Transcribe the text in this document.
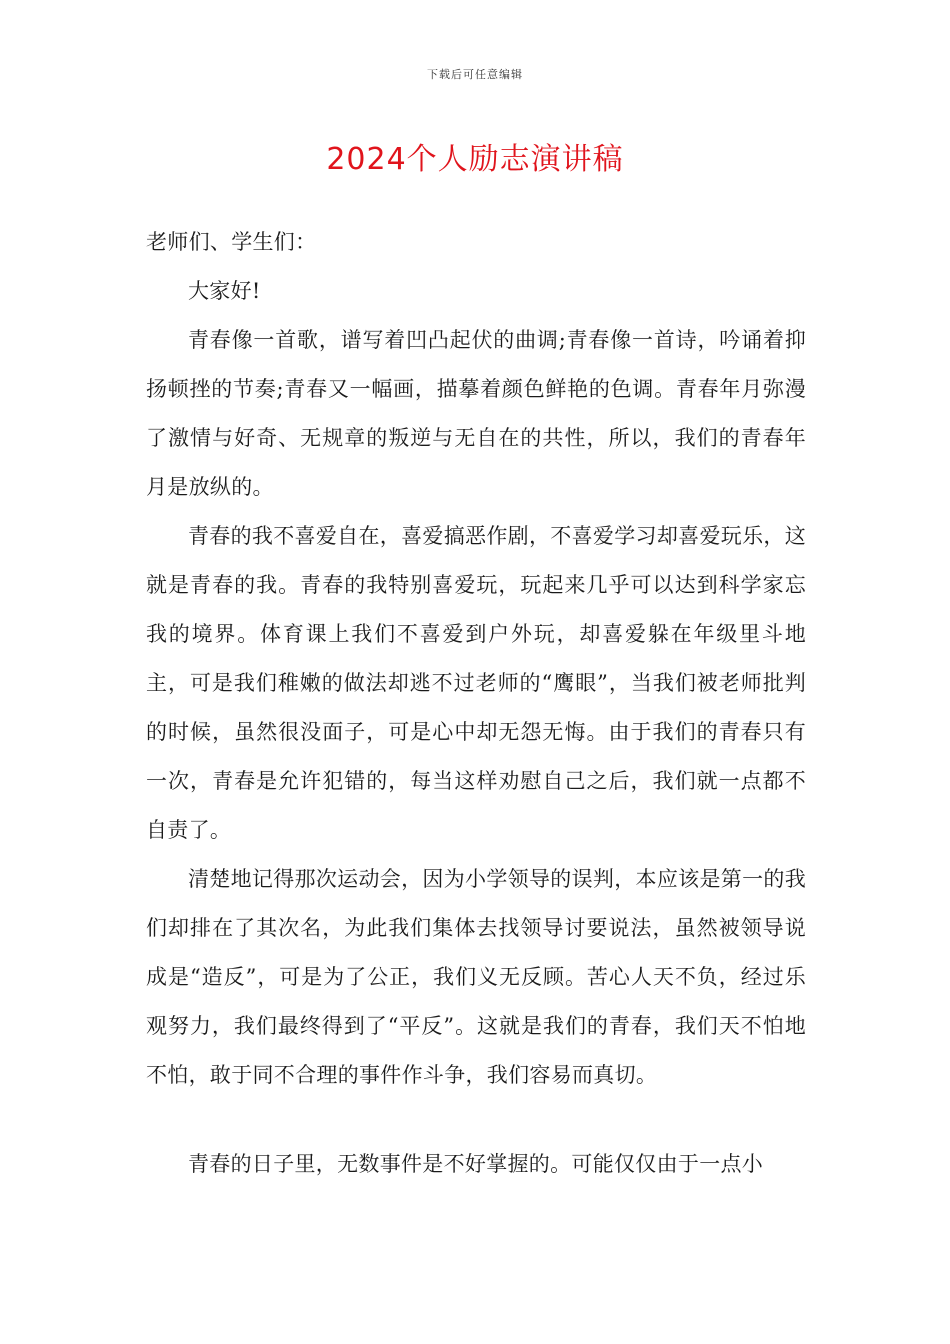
下载后可任意编辑
2024个人励志演讲稿

老师们、学生们：

大家好!

青春像一首歌，谱写着凹凸起伏的曲调;青春像一首诗，吟诵着抑扬顿挫的节奏;青春又一幅画，描摹着颜色鲜艳的色调。青春年月弥漫了激情与好奇、无规章的叛逆与无自在的共性，所以，我们的青春年月是放纵的。

青春的我不喜爱自在，喜爱搞恶作剧，不喜爱学习却喜爱玩乐，这就是青春的我。青春的我特别喜爱玩，玩起来几乎可以达到科学家忘我的境界。体育课上我们不喜爱到户外玩，却喜爱躲在年级里斗地主，可是我们稚嫩的做法却逃不过老师的“鹰眼”，当我们被老师批判的时候，虽然很没面子，可是心中却无怨无悔。由于我们的青春只有一次，青春是允许犯错的，每当这样劝慰自己之后，我们就一点都不自责了。

清楚地记得那次运动会，因为小学领导的误判，本应该是第一的我们却排在了其次名，为此我们集体去找领导讨要说法，虽然被领导说成是“造反”，可是为了公正，我们义无反顾。苦心人天不负，经过乐观努力，我们最终得到了“平反”。这就是我们的青春，我们天不怕地不怕，敢于同不合理的事件作斗争，我们容易而真切。

青春的日子里，无数事件是不好掌握的。可能仅仅由于一点小
